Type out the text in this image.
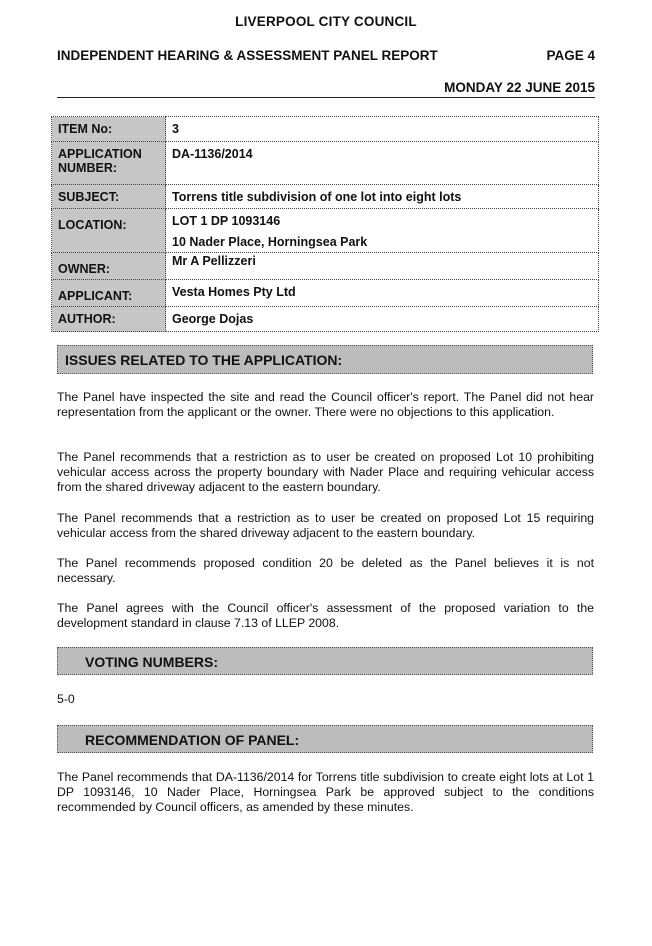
LIVERPOOL CITY COUNCIL
INDEPENDENT HEARING & ASSESSMENT PANEL REPORT	PAGE 4
MONDAY 22 JUNE 2015
ITEM No:	3
APPLICATION NUMBER:	DA-1136/2014
SUBJECT:	Torrens title subdivision of one lot into eight lots
LOCATION:	LOT 1 DP 1093146
10 Nader Place, Horningsea Park

OWNER:	Mr A Pellizzeri
APPLICANT:	Vesta Homes Pty Ltd
AUTHOR:	George Dojas
ISSUES RELATED TO THE APPLICATION:

The Panel have inspected the site and read the Council officer's report. The Panel did not hear representation from the applicant or the owner. There were no objections to this application.

The Panel recommends that a restriction as to user be created on proposed Lot 10 prohibiting vehicular access across the property boundary with Nader Place and requiring vehicular access from the shared driveway adjacent to the eastern boundary.

The Panel recommends that a restriction as to user be created on proposed Lot 15 requiring vehicular access from the shared driveway adjacent to the eastern boundary.

The Panel recommends proposed condition 20 be deleted as the Panel believes it is not necessary.

The Panel agrees with the Council officer's assessment of the proposed variation to the development standard in clause 7.13 of LLEP 2008.

VOTING NUMBERS:
5-0
RECOMMENDATION OF PANEL:

The Panel recommends that DA-1136/2014 for Torrens title subdivision to create eight lots at Lot 1 DP 1093146, 10 Nader Place, Horningsea Park be approved subject to the conditions recommended by Council officers, as amended by these minutes.
